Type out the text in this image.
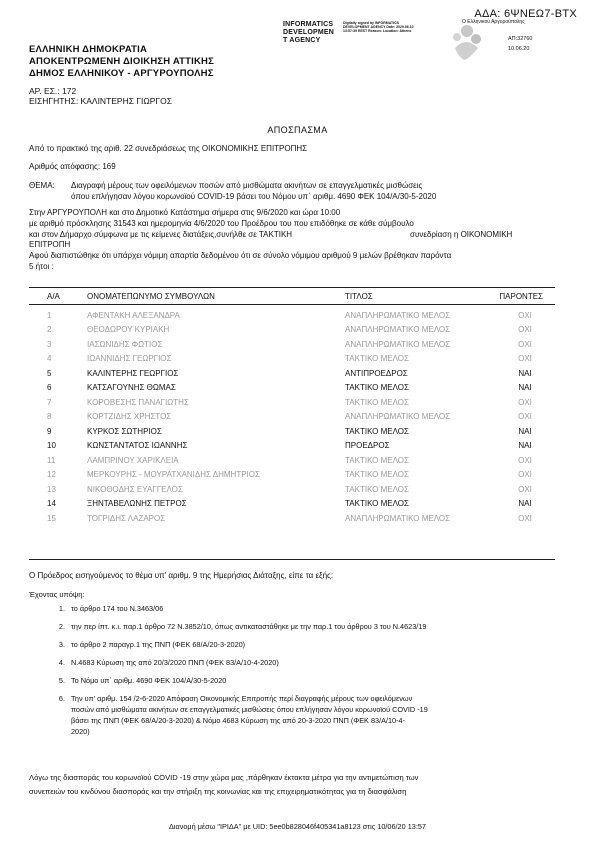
ΑΔΑ: 6ΨΝΕΩ7-ΒΤΧ
INFORMATICS
DEVELOPMEN
T AGENCY
Digitally signed by INFORMATICS DEVELOPMENT AGENCY Date: 2020.06.10 13:57:39 EEST Reason: Location: Athens
Ο Ελληνικού Αργυρούπολης
ΑΠ:32760
10.06.20
ΕΛΛΗΝΙΚΗ ΔΗΜΟΚΡΑΤΙΑ
ΑΠΟΚΕΝΤΡΩΜΕΝΗ ΔΙΟΙΚΗΣΗ ΑΤΤΙΚΗΣ
ΔΗΜΟΣ ΕΛΛΗΝΙΚΟΥ - ΑΡΓΥΡΟΥΠΟΛΗΣ
ΑΡ. ΕΣ.: 172
ΕΙΣΗΓΗΤΗΣ: ΚΑΛΙΝΤΕΡΗΣ ΓΙΩΡΓΟΣ
ΑΠΟΣΠΑΣΜΑ
Από το πρακτικό της αριθ. 22 συνεδριάσεως της ΟΙΚΟΝΟΜΙΚΗΣ ΕΠΙΤΡΟΠΗΣ
Αριθμός απόφασης: 169
ΘΕΜΑ: Διαγραφή μέρους των οφειλόμενων ποσών από μισθώματα ακινήτων σε επαγγελματικές μισθώσεις
όπου επλήγησαν λόγου κορωνοϊού COVID-19 βάσει του Νόμου υπ΄ αριθμ. 4690 ΦΕΚ 104/Α/30-5-2020
Στην ΑΡΓΥΡΟΥΠΟΛΗ και στο Δημοτικό Κατάστημα σήμερα στις 9/6/2020 και ώρα 10:00
με αριθμό πρόσκλησης 31543 και ημερομηνία 4/6/2020 του Προέδρου του που επιδόθηκε σε κάθε σύμβουλο
και στον Δήμαρχο σύμφωνα με τις κείμενες διατάξεις,συνήλθε σε ΤΑΚΤΙΚΗ	συνεδρίαση η ΟΙΚΟΝΟΜΙΚΗ
ΕΠΙΤΡΟΠΗ
Αφού διαπιστώθηκε ότι υπάρχει νόμιμη απαρτία δεδομένου ότι σε σύνολο νόμιμου αριθμού 9 μελών βρέθηκαν παρόντα
5 ήτοι :
Α/Α	ΟΝΟΜΑΤΕΠΩΝΥΜΟ ΣΥΜΒΟΥΛΩΝ	ΤΙΤΛΟΣ	ΠΑΡΟΝΤΕΣ

1	ΑΦΕΝΤΑΚΗ ΑΛΕΞΑΝΔΡΑ	ΑΝΑΠΛΗΡΩΜΑΤΙΚΟ ΜΕΛΟΣ	ΟΧΙ
2	ΘΕΟΔΩΡΟΥ ΚΥΡΙΑΚΗ	ΑΝΑΠΛΗΡΩΜΑΤΙΚΟ ΜΕΛΟΣ	ΟΧΙ
3	ΙΑΣΩΝΙΔΗΣ ΦΩΤΙΟΣ	ΑΝΑΠΛΗΡΩΜΑΤΙΚΟ ΜΕΛΟΣ	ΟΧΙ
4	ΙΩΑΝΝΙΔΗΣ ΓΕΩΡΓΙΟΣ	ΤΑΚΤΙΚΟ ΜΕΛΟΣ	ΟΧΙ
5	ΚΑΛΙΝΤΕΡΗΣ ΓΕΩΡΓΙΟΣ	ΑΝΤΙΠΡΟΕΔΡΟΣ	ΝΑΙ
6	ΚΑΤΣΑΓΟΥΝΗΣ ΘΩΜΑΣ	ΤΑΚΤΙΚΟ ΜΕΛΟΣ	ΝΑΙ
7	ΚΟΡΟΒΕΣΗΣ ΠΑΝΑΓΙΩΤΗΣ	ΤΑΚΤΙΚΟ ΜΕΛΟΣ	ΟΧΙ
8	ΚΟΡΤΖΙΔΗΣ ΧΡΗΣΤΟΣ	ΑΝΑΠΛΗΡΩΜΑΤΙΚΟ ΜΕΛΟΣ	ΟΧΙ
9	ΚΥΡΚΟΣ ΣΩΤΗΡΙΟΣ	ΤΑΚΤΙΚΟ ΜΕΛΟΣ	ΝΑΙ
10	ΚΩΝΣΤΑΝΤΑΤΟΣ ΙΩΑΝΝΗΣ	ΠΡΟΕΔΡΟΣ	ΝΑΙ
11	ΛΑΜΠΡΙΝΟΥ ΧΑΡΙΚΛΕΙΑ	ΤΑΚΤΙΚΟ ΜΕΛΟΣ	ΟΧΙ
12	ΜΕΡΚΟΥΡΗΣ - ΜΟΥΡΑΤΧΑΝΙΔΗΣ ΔΗΜΗΤΡΙΟΣ	ΤΑΚΤΙΚΟ ΜΕΛΟΣ	ΟΧΙ
13	ΝΙΚΟΘΟΔΗΣ ΕΥΑΓΓΕΛΟΣ	ΤΑΚΤΙΚΟ ΜΕΛΟΣ	ΟΧΙ
14	ΞΗΝΤΑΒΕΛΩΝΗΣ ΠΕΤΡΟΣ	ΤΑΚΤΙΚΟ ΜΕΛΟΣ	ΝΑΙ
15	ΤΟΓΡΙΔΗΣ ΛΑΖΑΡΟΣ	ΑΝΑΠΛΗΡΩΜΑΤΙΚΟ ΜΕΛΟΣ	ΟΧΙ
Ο Πρόεδρος εισηγούμενος το θέμα υπ' αριθμ. 9 της Ημερήσιας Διάταξης, είπε τα εξής:
Έχοντας υπόψη:
1. το άρθρο 174 του Ν.3463/06
2. την περ ίπτ. κ.ι. παρ.1 άρθρο 72 Ν.3852/10, όπως αντικαταστάθηκε με την παρ.1 του άρθρου 3 του Ν.4623/19
3. το άρθρο 2 παραγρ.1 της ΠΝΠ (ΦΕΚ 68/Α/20-3-2020)
4. Ν.4683 Κύρωση της από 20/3/2020 ΠΝΠ (ΦΕΚ 83/Α/10-4-2020)
5. Το Νόμο υπ΄ αριθμ. 4690 ΦΕΚ 104/Α/30-5-2020
6. Την υπ' αριθμ. 154 /2-6-2020 Απόφαση Οικονομικής Επιτροπής περί διαγραφής μέρους των οφειλόμενων
ποσών από μισθώματα ακινήτων σε επαγγελματικές μισθώσεις όπου επλήγησαν λόγου κορωνοϊού COVID -19
βάσει της ΠΝΠ (ΦΕΚ 68/Α/20-3-2020) & Νόμο 4683 Κύρωση της από 20-3-2020 ΠΝΠ (ΦΕΚ 83/Α/10-4-
2020)
Λόγω της διασποράς του κορωνοϊού COVID -19 στην χώρα μας ,πάρθηκαν έκτακτα μέτρα για την αντιμετώπιση των
συνεπειών του κινδύνου διασποράς και την στήριξη της κοινωνίας και της επιχειρηματικότητας για τη διασφάλιση
Διανομή μέσω "ΙΡΙΔΑ" με UID: 5ee0b828046f405341a8123 στις 10/06/20 13:57
